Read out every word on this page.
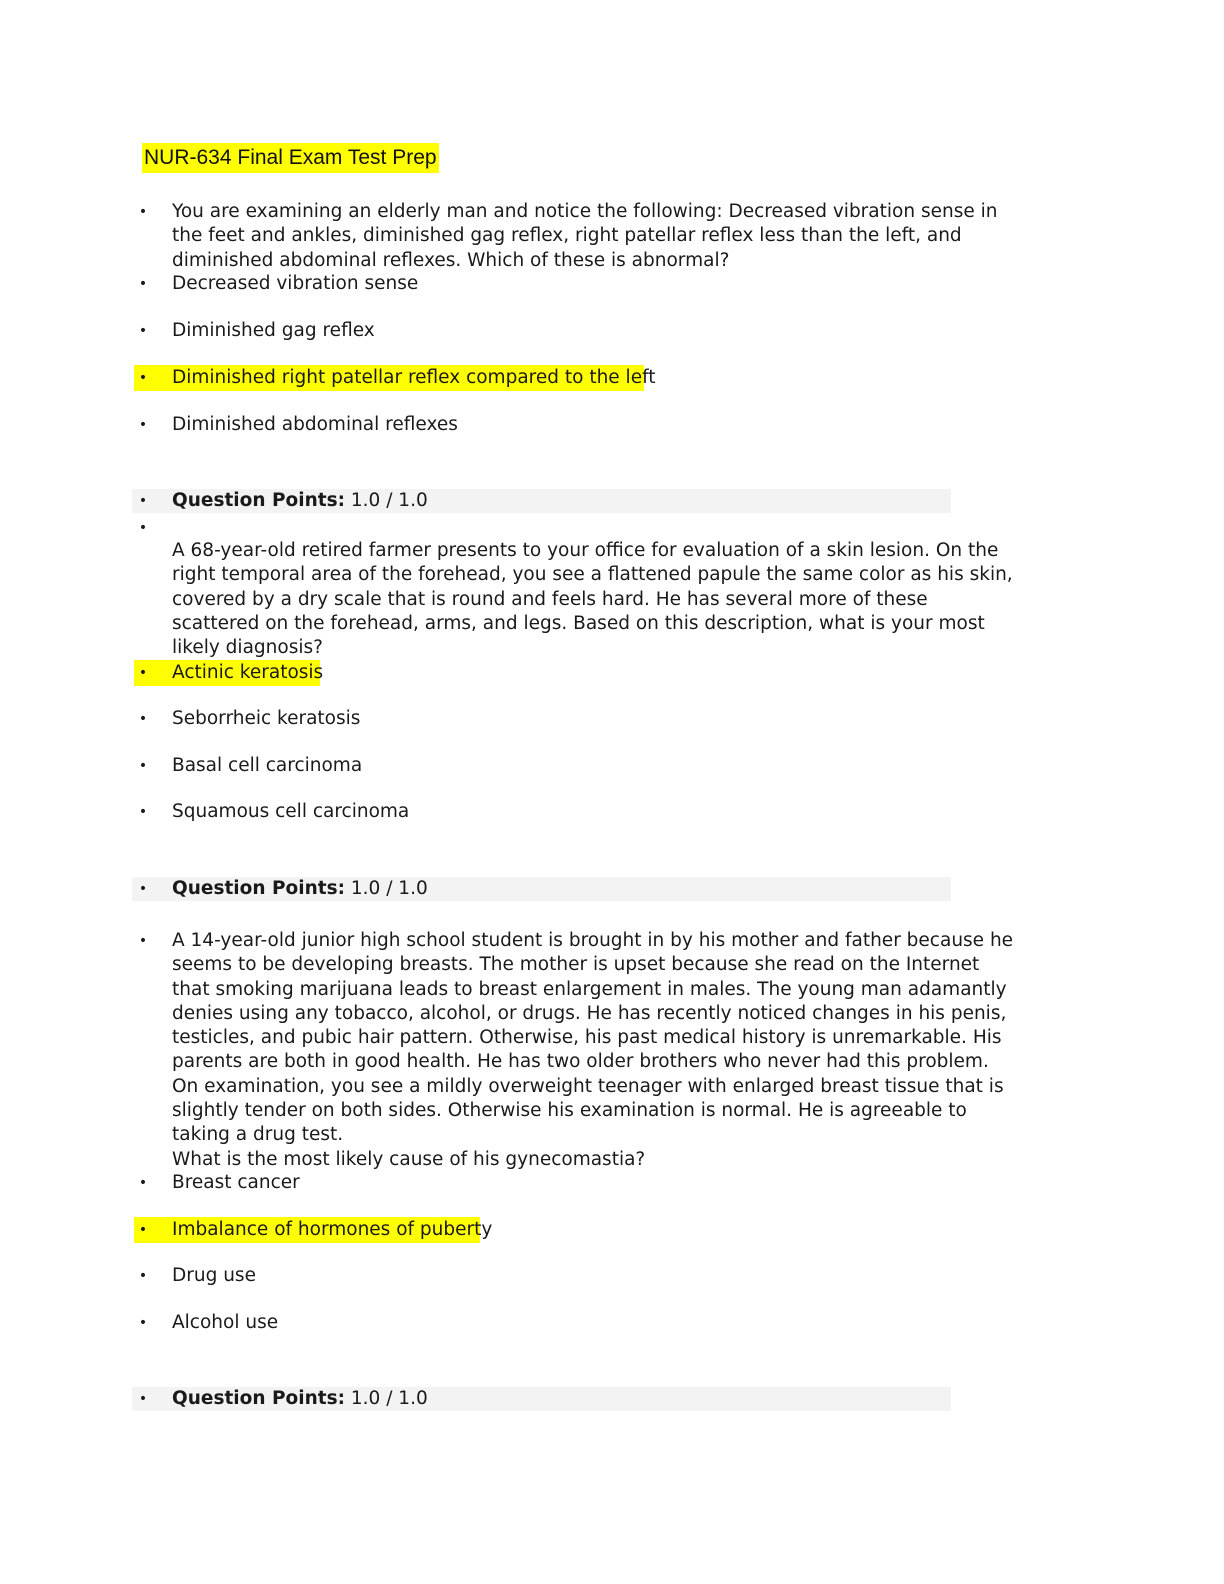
NUR-634 Final Exam Test Prep
• You are examining an elderly man and notice the following: Decreased vibration sense in
the feet and ankles, diminished gag reflex, right patellar reflex less than the left, and
diminished abdominal reflexes. Which of these is abnormal?
• Decreased vibration sense
• Diminished gag reflex
• Diminished right patellar reflex compared to the left
• Diminished abdominal reflexes
• Question Points: 1.0 / 1.0
•
A 68-year-old retired farmer presents to your office for evaluation of a skin lesion. On the
right temporal area of the forehead, you see a flattened papule the same color as his skin,
covered by a dry scale that is round and feels hard. He has several more of these
scattered on the forehead, arms, and legs. Based on this description, what is your most
likely diagnosis?
• Actinic keratosis
• Seborrheic keratosis
• Basal cell carcinoma
• Squamous cell carcinoma
• Question Points: 1.0 / 1.0
• A 14-year-old junior high school student is brought in by his mother and father because he
seems to be developing breasts. The mother is upset because she read on the Internet
that smoking marijuana leads to breast enlargement in males. The young man adamantly
denies using any tobacco, alcohol, or drugs. He has recently noticed changes in his penis,
testicles, and pubic hair pattern. Otherwise, his past medical history is unremarkable. His
parents are both in good health. He has two older brothers who never had this problem.
On examination, you see a mildly overweight teenager with enlarged breast tissue that is
slightly tender on both sides. Otherwise his examination is normal. He is agreeable to
taking a drug test.
What is the most likely cause of his gynecomastia?
• Breast cancer
• Imbalance of hormones of puberty
• Drug use
• Alcohol use
• Question Points: 1.0 / 1.0
